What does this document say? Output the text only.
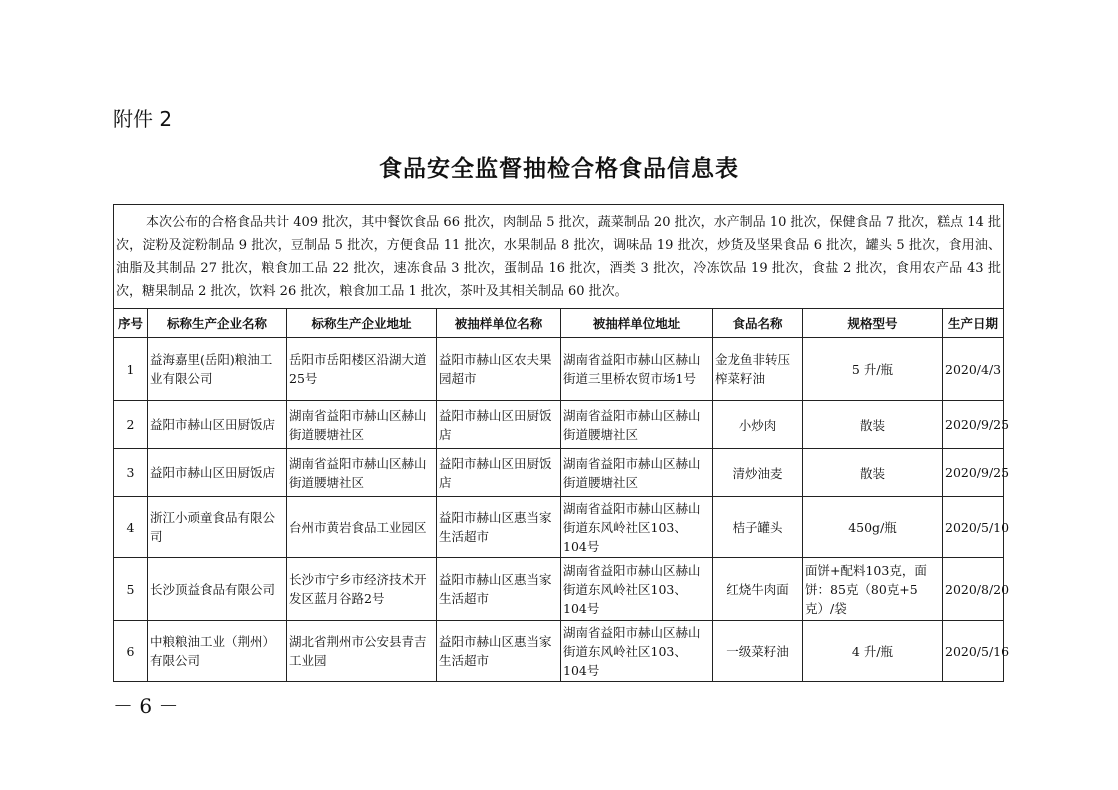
附件 2
食品安全监督抽检合格食品信息表
本次公布的合格食品共计 409 批次，其中餐饮食品 66 批次，肉制品 5 批次，蔬菜制品 20 批次，水产制品 10 批次，保健食品 7 批次，糕点 14 批次，淀粉及淀粉制品 9 批次，豆制品 5 批次，方便食品 11 批次，水果制品 8 批次，调味品 19 批次，炒货及坚果食品 6 批次，罐头 5 批次，食用油、油脂及其制品 27 批次，粮食加工品 22 批次，速冻食品 3 批次，蛋制品 16 批次，酒类 3 批次，冷冻饮品 19 批次，食盐 2 批次，食用农产品 43 批次，糖果制品 2 批次，饮料 26 批次，粮食加工品 1 批次，茶叶及其相关制品 60 批次。							
序号	标称生产企业名称	标称生产企业地址	被抽样单位名称	被抽样单位地址	食品名称	规格型号	生产日期
1	益海嘉里(岳阳)粮油工业有限公司	岳阳市岳阳楼区沿湖大道25号	益阳市赫山区农夫果园超市	湖南省益阳市赫山区赫山街道三里桥农贸市场1号	金龙鱼非转压榨菜籽油	5 升/瓶	2020/4/3
2	益阳市赫山区田厨饭店	湖南省益阳市赫山区赫山街道腰塘社区	益阳市赫山区田厨饭店	湖南省益阳市赫山区赫山街道腰塘社区	小炒肉	散装	2020/9/25
3	益阳市赫山区田厨饭店	湖南省益阳市赫山区赫山街道腰塘社区	益阳市赫山区田厨饭店	湖南省益阳市赫山区赫山街道腰塘社区	清炒油麦	散装	2020/9/25
4	浙江小顽童食品有限公司	台州市黄岩食品工业园区	益阳市赫山区惠当家生活超市	湖南省益阳市赫山区赫山街道东风岭社区103、104号	桔子罐头	450g/瓶	2020/5/10
5	长沙顶益食品有限公司	长沙市宁乡市经济技术开发区蓝月谷路2号	益阳市赫山区惠当家生活超市	湖南省益阳市赫山区赫山街道东风岭社区103、104号	红烧牛肉面	面饼+配料103克，面饼：85克（80克+5克）/袋	2020/8/20
6	中粮粮油工业（荆州）有限公司	湖北省荆州市公安县青吉工业园	益阳市赫山区惠当家生活超市	湖南省益阳市赫山区赫山街道东风岭社区103、104号	一级菜籽油	4 升/瓶	2020/5/16
－ 6 －
